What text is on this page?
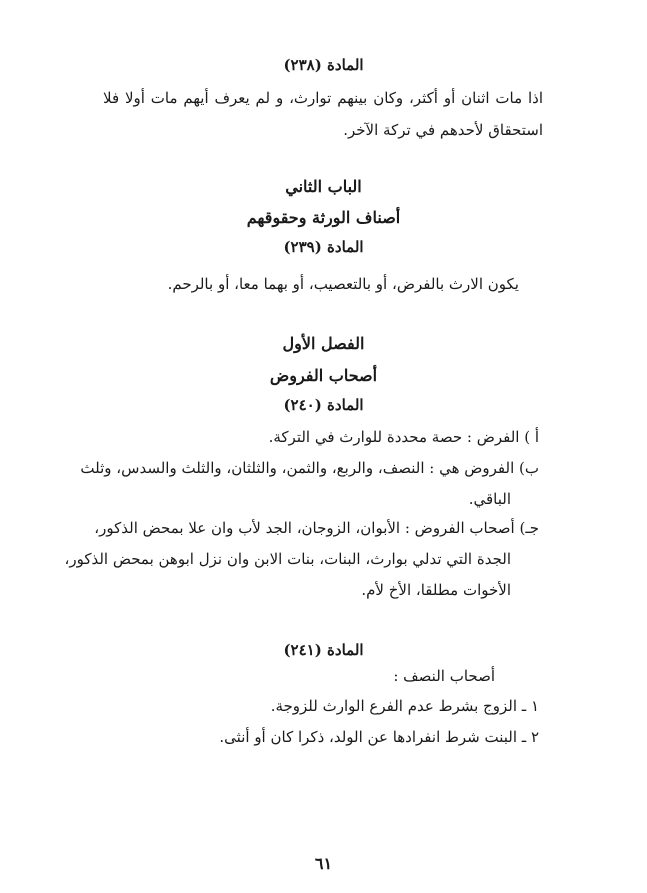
المادة (٢٣٨)
اذا مات اثنان أو أكثر، وكان بينهم توارث، و لم يعرف أيهم مات أولا فلا
استحقاق لأحدهم في تركة الآخر.
الباب الثاني
أصناف الورثة وحقوقهم
المادة (٢٣٩)
يكون الارث بالفرض، أو بالتعصيب، أو بهما معا، أو بالرحم.
الفصل الأول
أصحاب الفروض
المادة (٢٤٠)
أ ) الفرض : حصة محددة للوارث في التركة.
ب) الفروض هي : النصف، والربع، والثمن، والثلثان، والثلث والسدس، وثلث
الباقي.
جـ) أصحاب الفروض : الأبوان، الزوجان، الجد لأب وان علا بمحض الذكور،
الجدة التي تدلي بوارث، البنات، بنات الابن وان نزل ابوهن بمحض الذكور،
الأخوات مطلقا، الأخ لأم.
المادة (٢٤١)
أصحاب النصف :
١ ـ الزوج بشرط عدم الفرع الوارث للزوجة.
٢ ـ البنت شرط انفرادها عن الولد، ذكرا كان أو أنثى.
٦١
